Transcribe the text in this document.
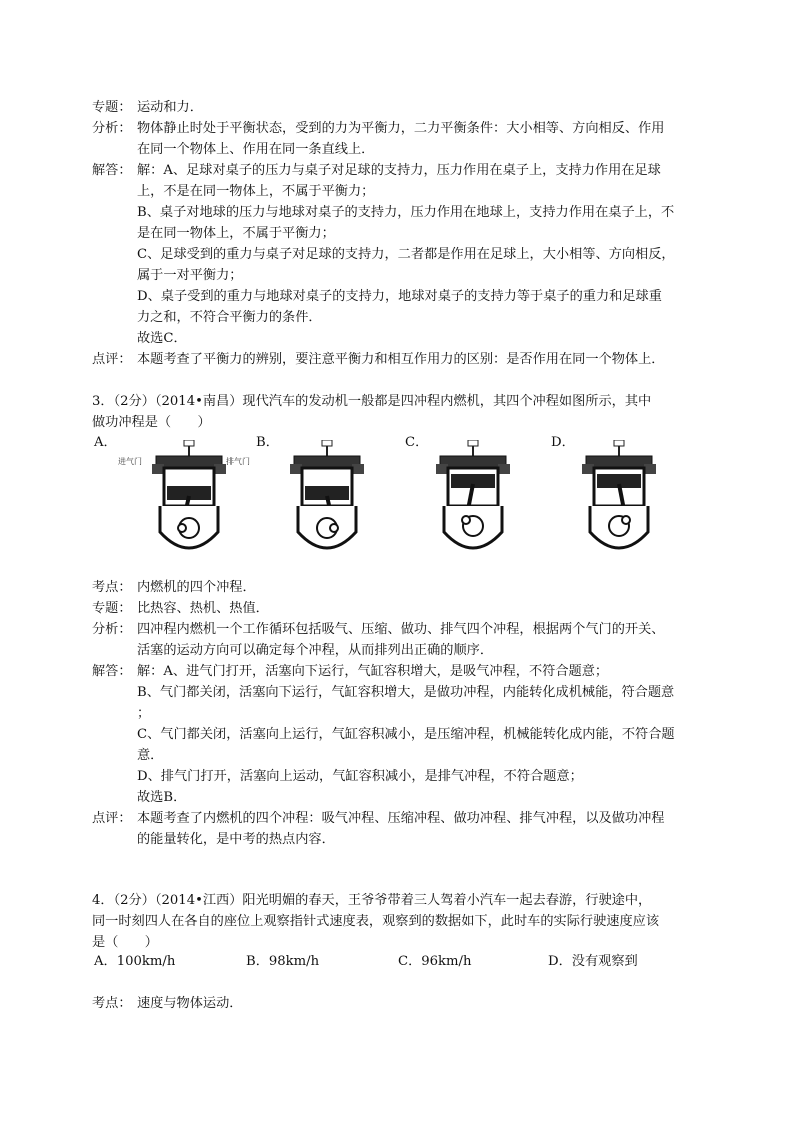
专题： 运动和力．
分析： 物体静止时处于平衡状态，受到的力为平衡力，二力平衡条件：大小相等、方向相反、作用
在同一个物体上、作用在同一条直线上．
解答： 解：A、足球对桌子的压力与桌子对足球的支持力，压力作用在桌子上，支持力作用在足球
上，不是在同一物体上，不属于平衡力；
B、桌子对地球的压力与地球对桌子的支持力，压力作用在地球上，支持力作用在桌子上，不
是在同一物体上，不属于平衡力；
C、足球受到的重力与桌子对足球的支持力，二者都是作用在足球上，大小相等、方向相反，
属于一对平衡力；
D、桌子受到的重力与地球对桌子的支持力，地球对桌子的支持力等于桌子的重力和足球重
力之和，不符合平衡力的条件．
故选C．
点评： 本题考查了平衡力的辨别，要注意平衡力和相互作用力的区别：是否作用在同一个物体上．
3．（2分）（2014•南昌）现代汽车的发动机一般都是四冲程内燃机，其四个冲程如图所示，其中
做功冲程是（　　）
A．	B．	C．	D．
进气门	排气门
考点： 内燃机的四个冲程．
专题： 比热容、热机、热值．
分析： 四冲程内燃机一个工作循环包括吸气、压缩、做功、排气四个冲程，根据两个气门的开关、
活塞的运动方向可以确定每个冲程，从而排列出正确的顺序．
解答： 解：A、进气门打开，活塞向下运行，气缸容积增大，是吸气冲程，不符合题意；
B、气门都关闭，活塞向下运行，气缸容积增大，是做功冲程，内能转化成机械能，符合题意
；
C、气门都关闭，活塞向上运行，气缸容积减小，是压缩冲程，机械能转化成内能，不符合题
意．
D、排气门打开，活塞向上运动，气缸容积减小，是排气冲程，不符合题意；
故选B．
点评： 本题考查了内燃机的四个冲程：吸气冲程、压缩冲程、做功冲程、排气冲程，以及做功冲程
的能量转化，是中考的热点内容．
4．（2分）（2014•江西）阳光明媚的春天，王爷爷带着三人驾着小汽车一起去春游，行驶途中，
同一时刻四人在各自的座位上观察指针式速度表，观察到的数据如下，此时车的实际行驶速度应该
是（　　）
A．100km/h	B．98km/h	C．96km/h	D．没有观察到
考点： 速度与物体运动．
